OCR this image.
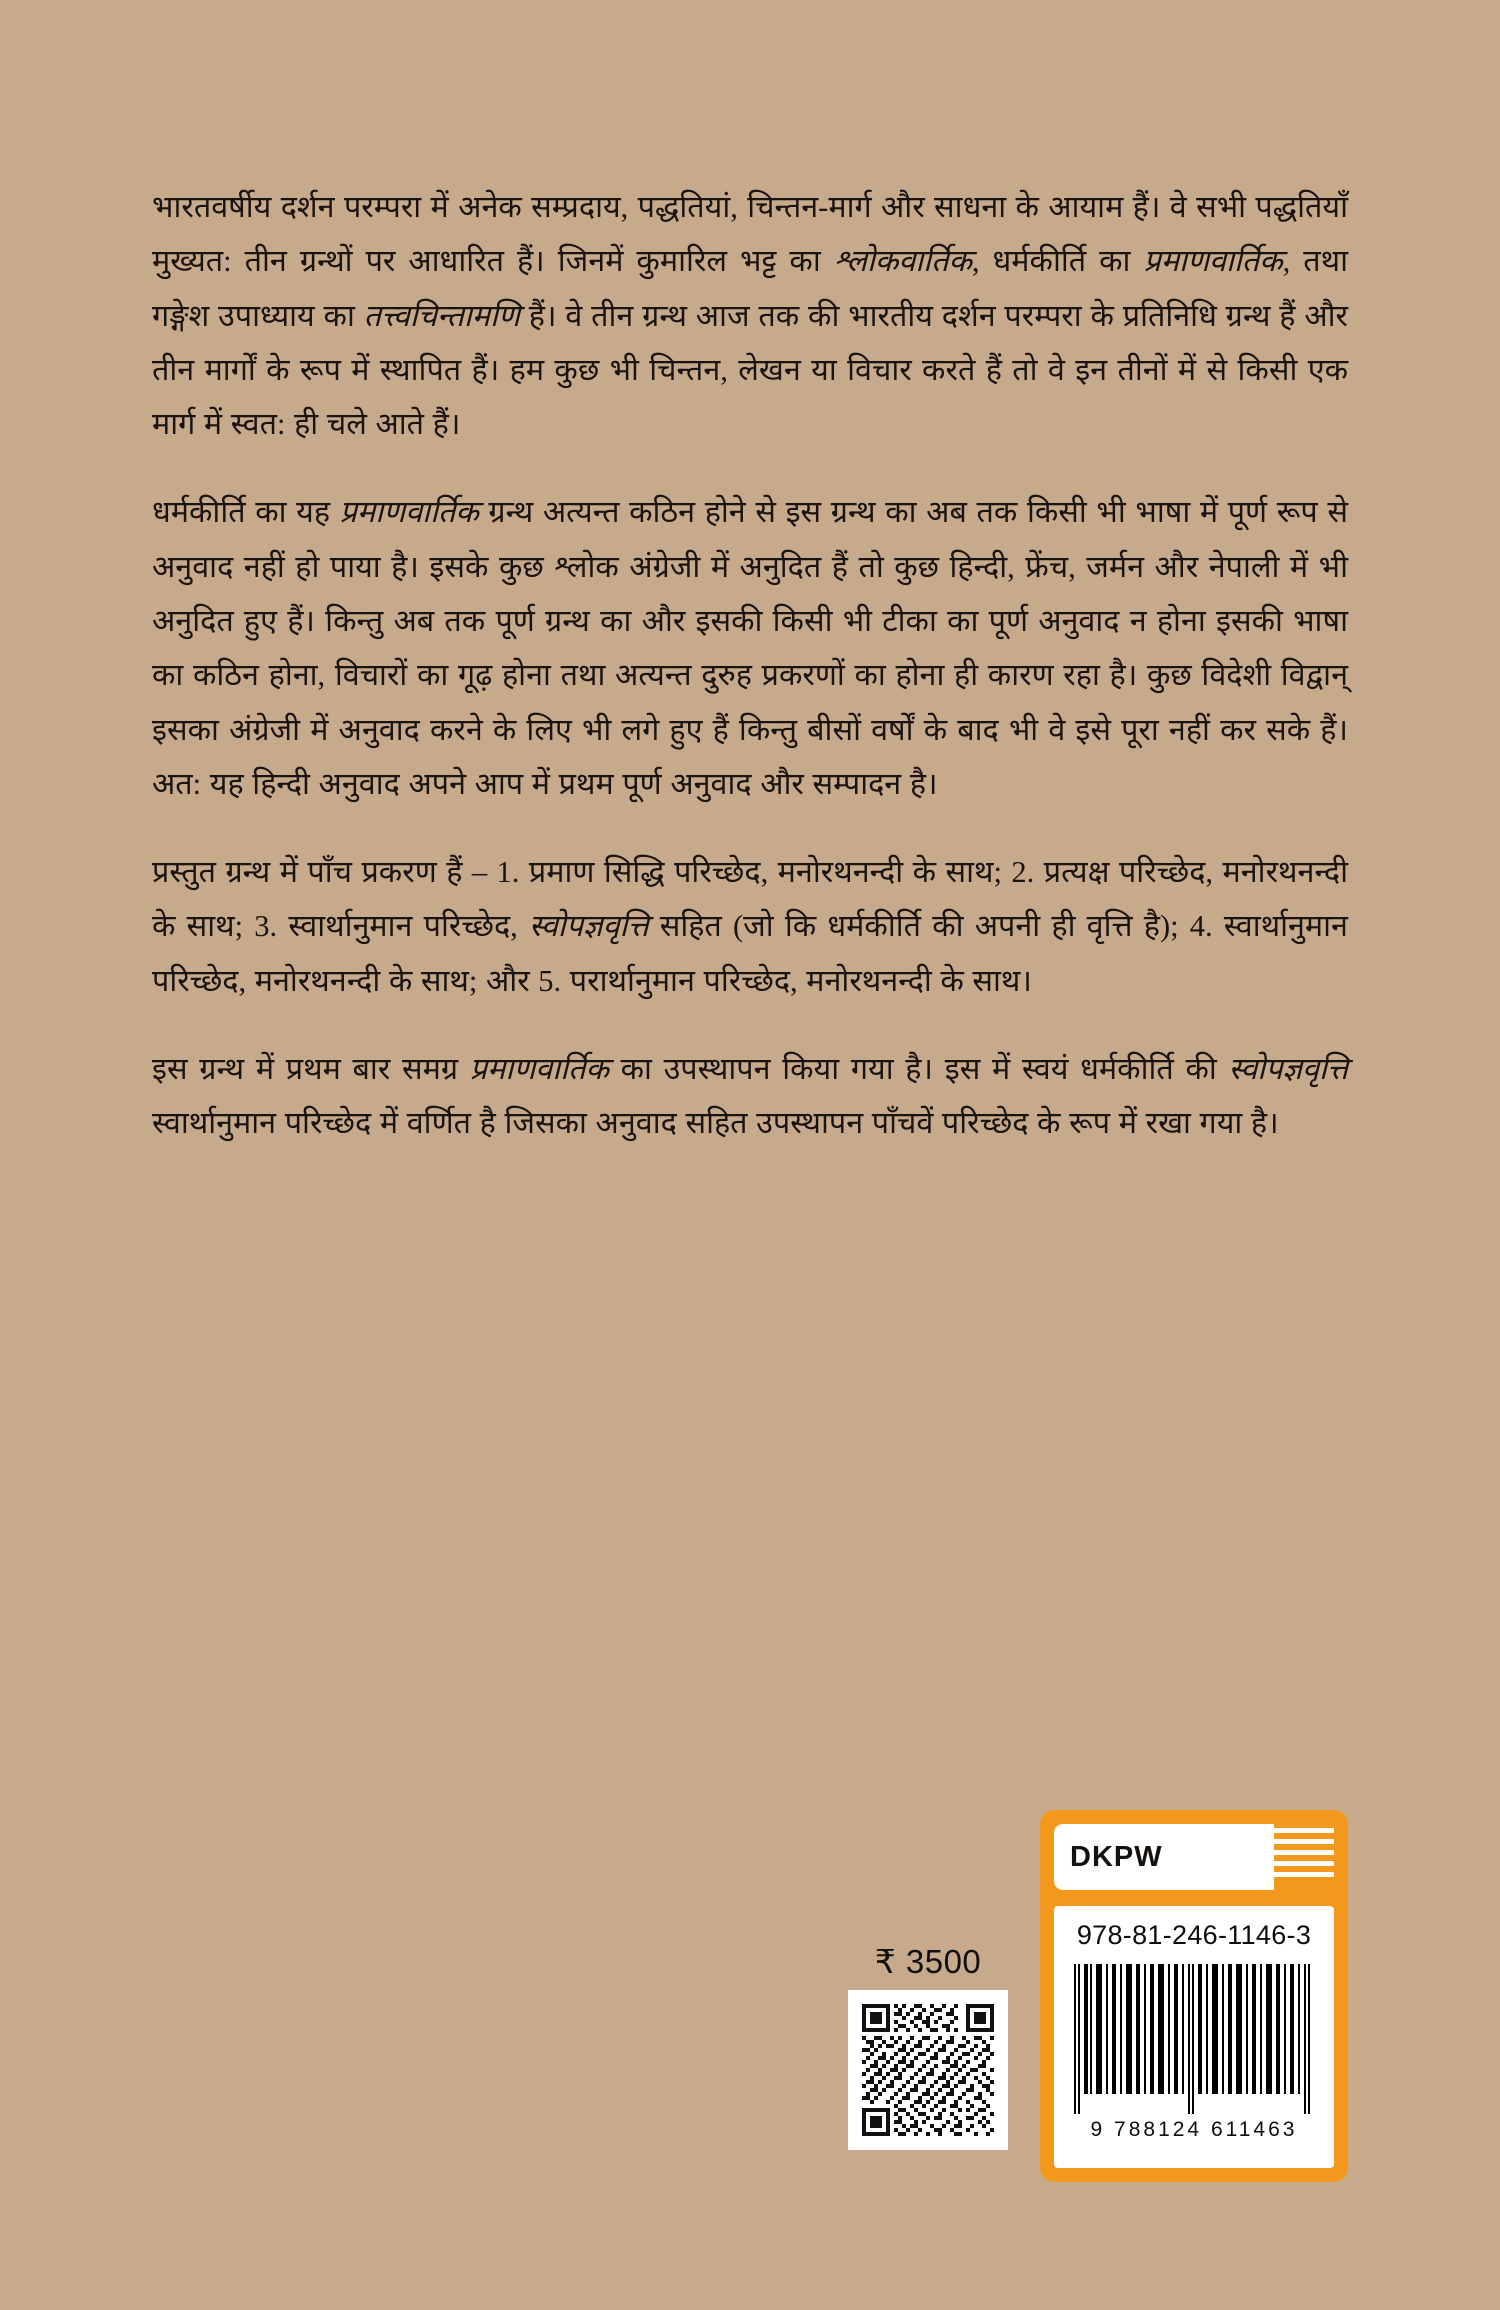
भारतवर्षीय दर्शन परम्परा में अनेक सम्प्रदाय, पद्धतियां, चिन्तन-मार्ग और साधना के आयाम हैं। वे सभी पद्धतियाँ मुख्यत: तीन ग्रन्थों पर आधारित हैं। जिनमें कुमारिल भट्ट का श्लोकवार्तिक, धर्मकीर्ति का प्रमाणवार्तिक, तथा गङ्गेश उपाध्याय का तत्त्वचिन्तामणि हैं। वे तीन ग्रन्थ आज तक की भारतीय दर्शन परम्परा के प्रतिनिधि ग्रन्थ हैं और तीन मार्गों के रूप में स्थापित हैं। हम कुछ भी चिन्तन, लेखन या विचार करते हैं तो वे इन तीनों में से किसी एक मार्ग में स्वत: ही चले आते हैं।

धर्मकीर्ति का यह प्रमाणवार्तिक ग्रन्थ अत्यन्त कठिन होने से इस ग्रन्थ का अब तक किसी भी भाषा में पूर्ण रूप से अनुवाद नहीं हो पाया है। इसके कुछ श्लोक अंग्रेजी में अनुदित हैं तो कुछ हिन्दी, फ्रेंच, जर्मन और नेपाली में भी अनुदित हुए हैं। किन्तु अब तक पूर्ण ग्रन्थ का और इसकी किसी भी टीका का पूर्ण अनुवाद न होना इसकी भाषा का कठिन होना, विचारों का गूढ़ होना तथा अत्यन्त दुरुह प्रकरणों का होना ही कारण रहा है। कुछ विदेशी विद्वान् इसका अंग्रेजी में अनुवाद करने के लिए भी लगे हुए हैं किन्तु बीसों वर्षों के बाद भी वे इसे पूरा नहीं कर सके हैं। अत: यह हिन्दी अनुवाद अपने आप में प्रथम पूर्ण अनुवाद और सम्पादन है।

प्रस्तुत ग्रन्थ में पाँच प्रकरण हैं – 1. प्रमाण सिद्धि परिच्छेद, मनोरथनन्दी के साथ; 2. प्रत्यक्ष परिच्छेद, मनोरथनन्दी के साथ; 3. स्वार्थानुमान परिच्छेद, स्वोपज्ञवृत्ति सहित (जो कि धर्मकीर्ति की अपनी ही वृत्ति है); 4. स्वार्थानुमान परिच्छेद, मनोरथनन्दी के साथ; और 5. परार्थानुमान परिच्छेद, मनोरथनन्दी के साथ।

इस ग्रन्थ में प्रथम बार समग्र प्रमाणवार्तिक का उपस्थापन किया गया है। इस में स्वयं धर्मकीर्ति की स्वोपज्ञवृत्ति स्वार्थानुमान परिच्छेद में वर्णित है जिसका अनुवाद सहित उपस्थापन पाँचवें परिच्छेद के रूप में रखा गया है।

₹ 3500
DKPW
978-81-246-1146-3
9 788124 611463
